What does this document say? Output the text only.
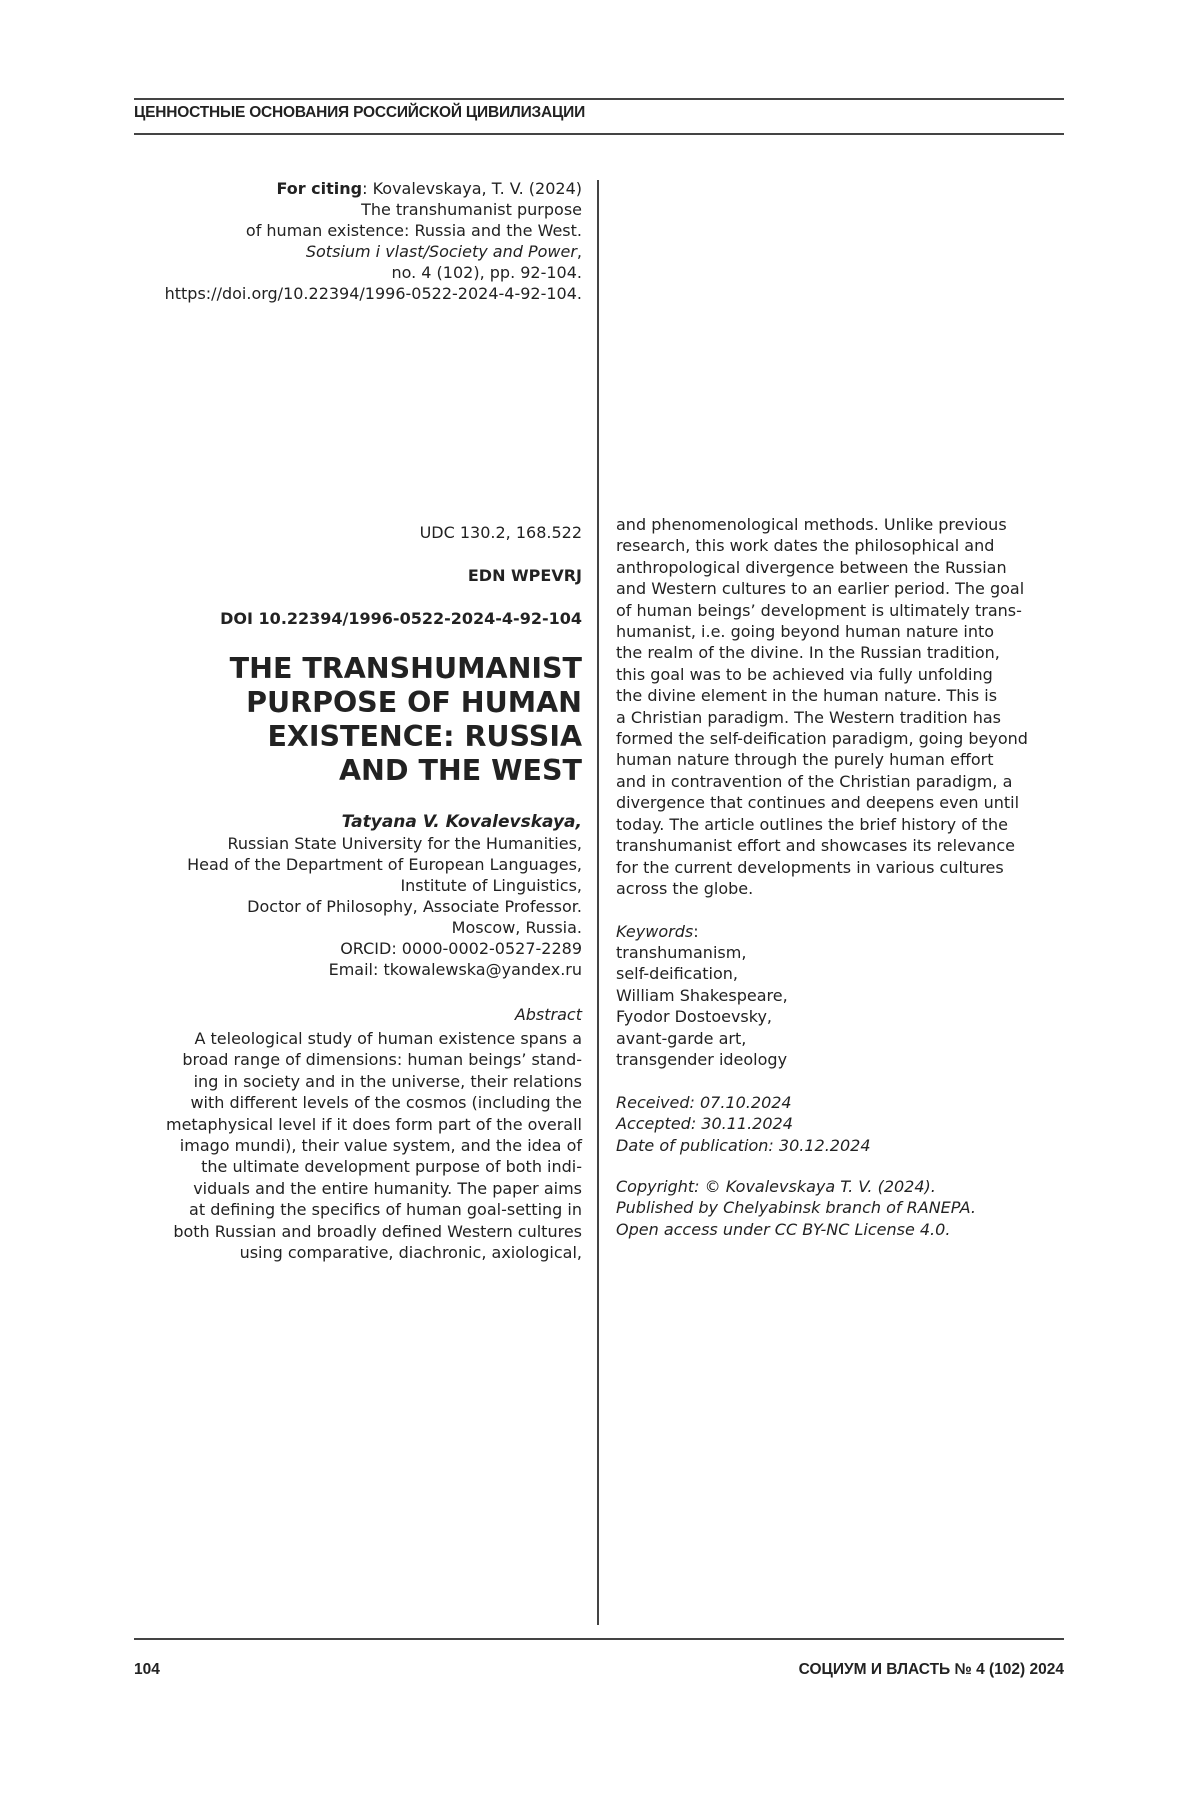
ЦЕННОСТНЫЕ ОСНОВАНИЯ РОССИЙСКОЙ ЦИВИЛИЗАЦИИ
For citing: Kovalevskaya, T. V. (2024)
The transhumanist purpose
of human existence: Russia and the West.
Sotsium i vlast/Society and Power,
no. 4 (102), pp. 92-104.
https://doi.org/10.22394/1996-0522-2024-4-92-104.
UDC 130.2, 168.522
EDN WPEVRJ
DOI 10.22394/1996-0522-2024-4-92-104
THE TRANSHUMANIST
PURPOSE OF HUMAN
EXISTENCE: RUSSIA
AND THE WEST
Tatyana V. Kovalevskaya,
Russian State University for the Humanities,
Head of the Department of European Languages,
Institute of Linguistics,
Doctor of Philosophy, Associate Professor.
Moscow, Russia.
ORCID: 0000-0002-0527-2289
Email: tkowalewska@yandex.ru
Abstract
A teleological study of human existence spans a
broad range of dimensions: human beings’ stand-
ing in society and in the universe, their relations
with different levels of the cosmos (including the
metaphysical level if it does form part of the overall
imago mundi), their value system, and the idea of
the ultimate development purpose of both indi-
viduals and the entire humanity. The paper aims
at defining the specifics of human goal-setting in
both Russian and broadly defined Western cultures
using comparative, diachronic, axiological,
and phenomenological methods. Unlike previous
research, this work dates the philosophical and
anthropological divergence between the Russian
and Western cultures to an earlier period. The goal
of human beings’ development is ultimately trans-
humanist, i.e. going beyond human nature into
the realm of the divine. In the Russian tradition,
this goal was to be achieved via fully unfolding
the divine element in the human nature. This is
a Christian paradigm. The Western tradition has
formed the self-deification paradigm, going beyond
human nature through the purely human effort
and in contravention of the Christian paradigm, a
divergence that continues and deepens even until
today. The article outlines the brief history of the
transhumanist effort and showcases its relevance
for the current developments in various cultures
across the globe.
Keywords:
transhumanism,
self-deification,
William Shakespeare,
Fyodor Dostoevsky,
avant-garde art,
transgender ideology
Received: 07.10.2024
Accepted: 30.11.2024
Date of publication: 30.12.2024
Copyright: © Kovalevskaya T. V. (2024).
Published by Chelyabinsk branch of RANEPA.
Open access under CC BY-NC License 4.0.
104	СОЦИУМ И ВЛАСТЬ № 4 (102) 2024
